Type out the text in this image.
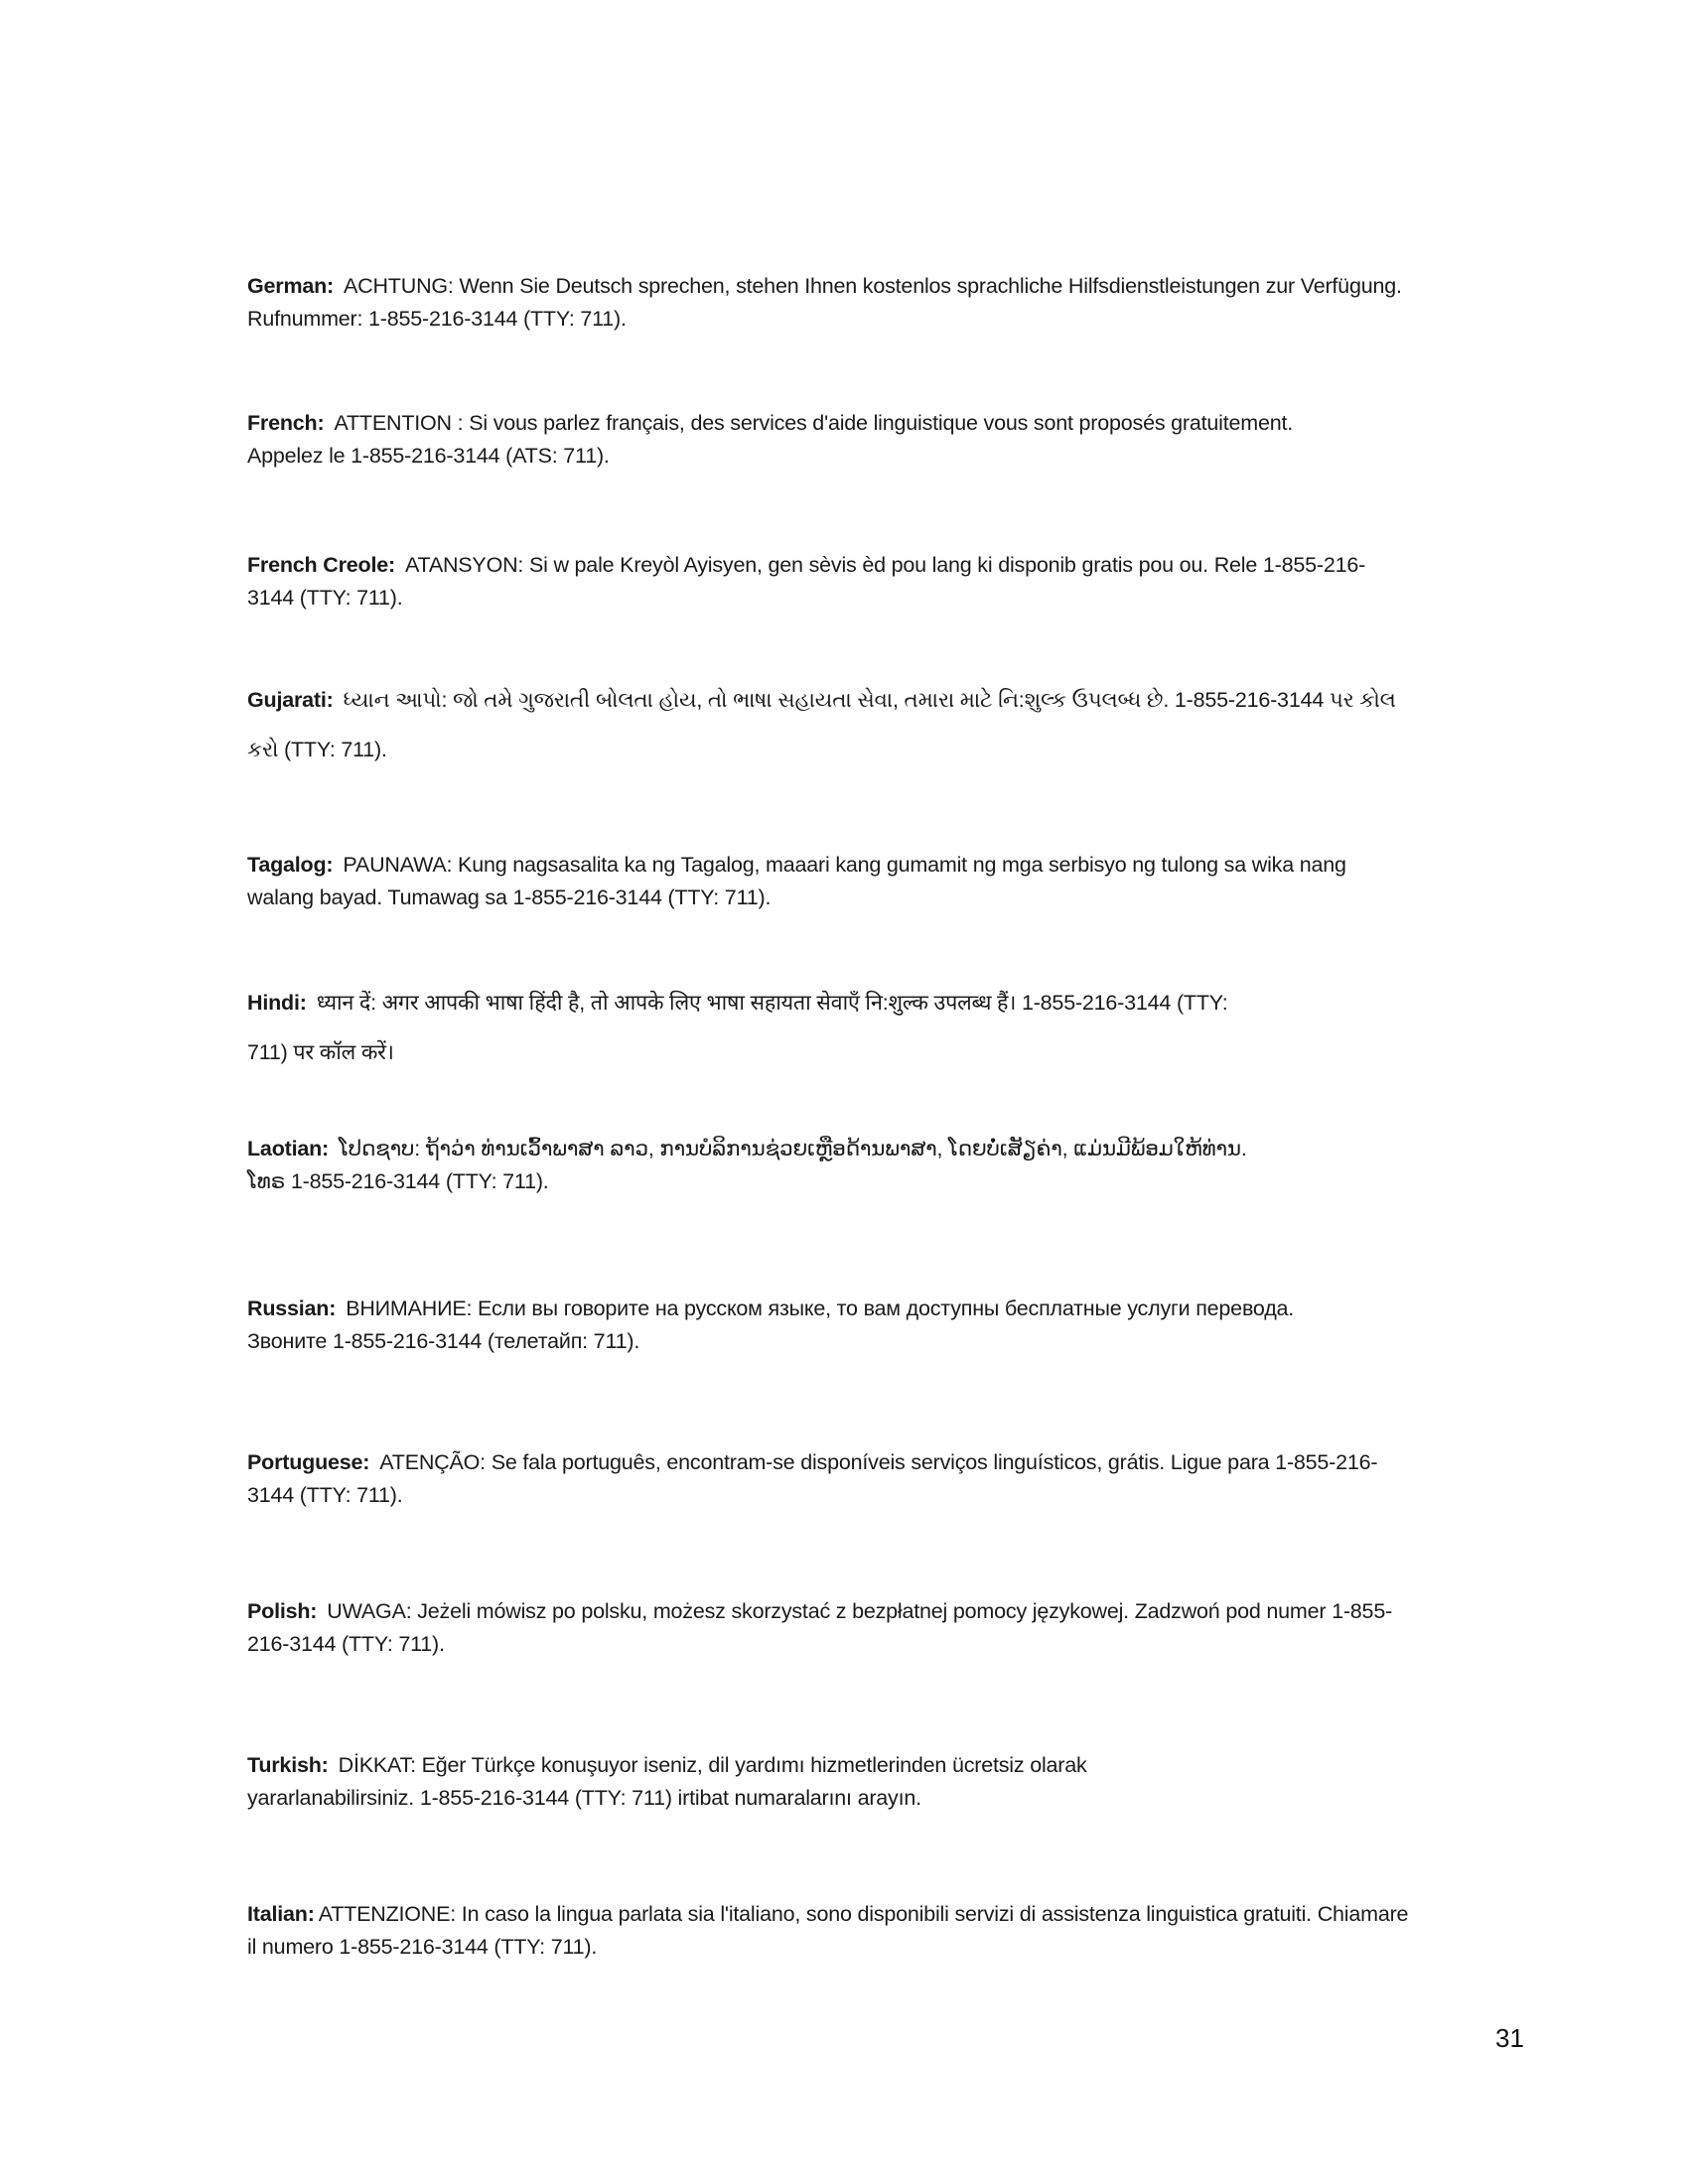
German: ACHTUNG: Wenn Sie Deutsch sprechen, stehen Ihnen kostenlos sprachliche Hilfsdienstleistungen zur Verfügung. Rufnummer: 1-855-216-3144 (TTY: 711).

French: ATTENTION : Si vous parlez français, des services d'aide linguistique vous sont proposés gratuitement. Appelez le 1-855-216-3144 (ATS: 711).

French Creole: ATANSYON: Si w pale Kreyòl Ayisyen, gen sèvis èd pou lang ki disponib gratis pou ou. Rele 1-855-216-3144 (TTY: 711).

Gujarati: ધ્યાન આપો: જો તમે ગુજરાતી બોલતા હોય, તો ભાષા સહાયતા સેવા, તમારા માટે નિ:શુલ્ક ઉપલબ્ધ છે. 1-855-216-3144 પર કોલ કરો (TTY: 711).

Tagalog: PAUNAWA: Kung nagsasalita ka ng Tagalog, maaari kang gumamit ng mga serbisyo ng tulong sa wika nang walang bayad. Tumawag sa 1-855-216-3144 (TTY: 711).

Hindi: ध्यान दें: अगर आपकी भाषा हिंदी है, तो आपके लिए भाषा सहायता सेवाएँ नि:शुल्क उपलब्ध हैं। 1-855-216-3144 (TTY: 711) पर कॉल करें।

Laotian: ໂປດຊາບ: ຖ້າວ່າ ທ່ານເວົ້າພາສາ ລາວ, ການບໍລິການຊ່ວຍເຫຼືອດ້ານພາສາ, ໂດຍບໍ່ເສັຽຄ່າ, ແມ່ນມີພ້ອມໃຫ້ທ່ານ. ໂທຣ 1-855-216-3144 (TTY: 711).

Russian: ВНИМАНИЕ: Если вы говорите на русском языке, то вам доступны бесплатные услуги перевода. Звоните 1-855-216-3144 (телетайп: 711).

Portuguese: ATENÇÃO: Se fala português, encontram-se disponíveis serviços linguísticos, grátis. Ligue para 1-855-216-3144 (TTY: 711).

Polish: UWAGA: Jeżeli mówisz po polsku, możesz skorzystać z bezpłatnej pomocy językowej. Zadzwoń pod numer 1-855-216-3144 (TTY: 711).

Turkish: DİKKAT: Eğer Türkçe konuşuyor iseniz, dil yardımı hizmetlerinden ücretsiz olarak yararlanabilirsiniz. 1-855-216-3144 (TTY: 711) irtibat numaralarını arayın.

Italian: ATTENZIONE: In caso la lingua parlata sia l'italiano, sono disponibili servizi di assistenza linguistica gratuiti. Chiamare il numero 1-855-216-3144 (TTY: 711).

31
